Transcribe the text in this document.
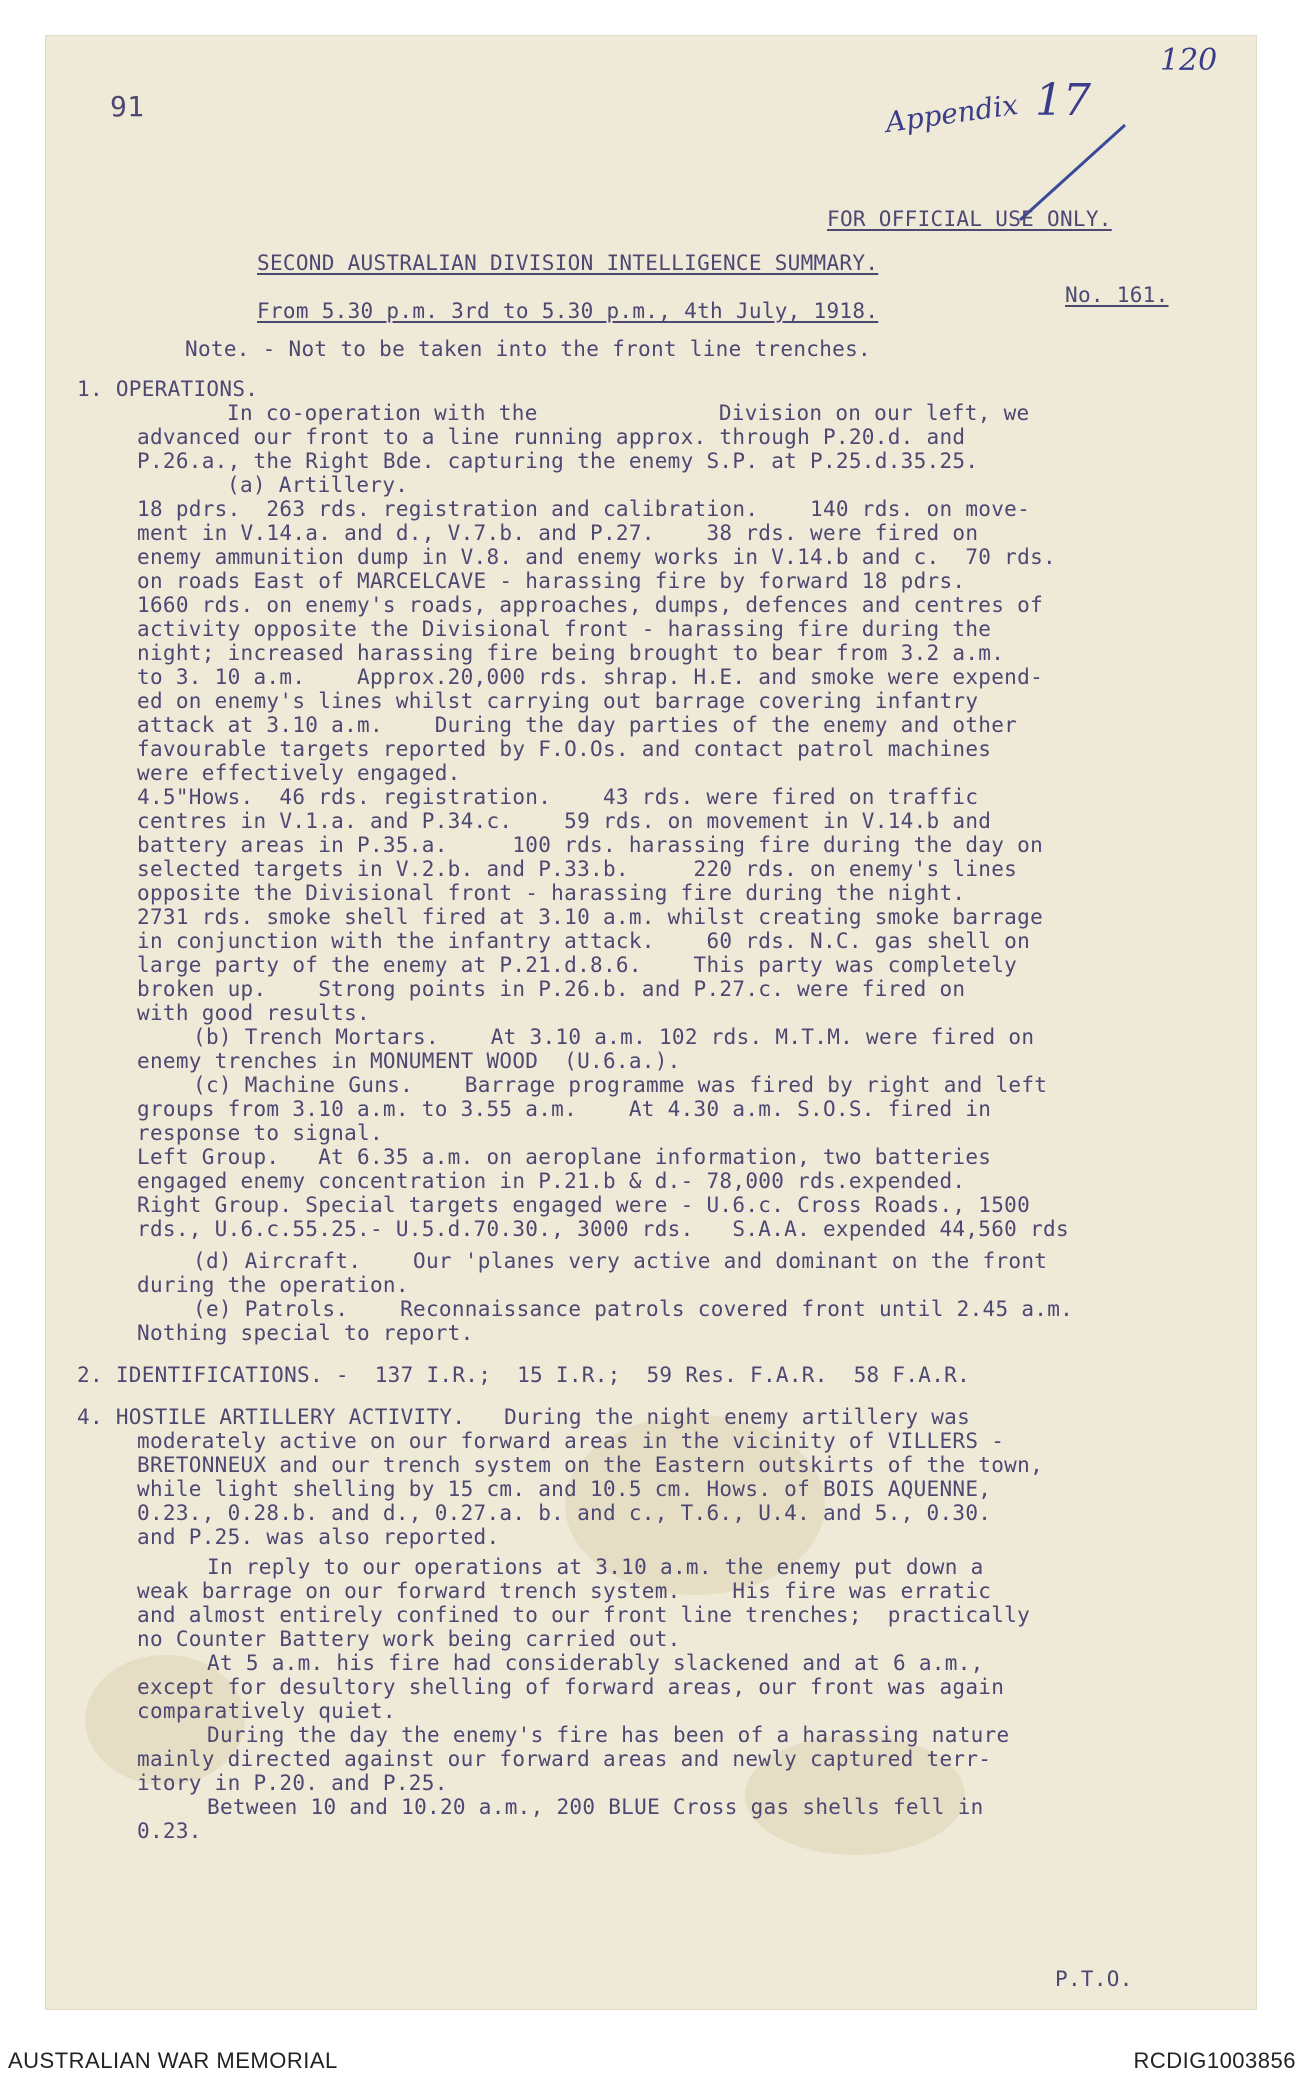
91	Appendix 17
120
FOR OFFICIAL USE ONLY.
SECOND AUSTRALIAN DIVISION INTELLIGENCE SUMMARY.
No. 161.
From 5.30 p.m. 3rd to 5.30 p.m., 4th July, 1918.
Note. - Not to be taken into the front line trenches.
1. OPERATIONS.
In co-operation with the              Division on our left, we
advanced our front to a line running approx. through P.20.d. and
P.26.a., the Right Bde. capturing the enemy S.P. at P.25.d.35.25.
(a) Artillery.
18 pdrs.  263 rds. registration and calibration.    140 rds. on move-
ment in V.14.a. and d., V.7.b. and P.27.    38 rds. were fired on
enemy ammunition dump in V.8. and enemy works in V.14.b and c.  70 rds.
on roads East of MARCELCAVE - harassing fire by forward 18 pdrs.
1660 rds. on enemy's roads, approaches, dumps, defences and centres of
activity opposite the Divisional front - harassing fire during the
night; increased harassing fire being brought to bear from 3.2 a.m.
to 3. 10 a.m.    Approx.20,000 rds. shrap. H.E. and smoke were expend-
ed on enemy's lines whilst carrying out barrage covering infantry
attack at 3.10 a.m.    During the day parties of the enemy and other
favourable targets reported by F.O.Os. and contact patrol machines
were effectively engaged.
4.5"Hows.  46 rds. registration.    43 rds. were fired on traffic
centres in V.1.a. and P.34.c.    59 rds. on movement in V.14.b and
battery areas in P.35.a.     100 rds. harassing fire during the day on
selected targets in V.2.b. and P.33.b.     220 rds. on enemy's lines
opposite the Divisional front - harassing fire during the night.
2731 rds. smoke shell fired at 3.10 a.m. whilst creating smoke barrage
in conjunction with the infantry attack.    60 rds. N.C. gas shell on
large party of the enemy at P.21.d.8.6.    This party was completely
broken up.    Strong points in P.26.b. and P.27.c. were fired on
with good results.
(b) Trench Mortars.    At 3.10 a.m. 102 rds. M.T.M. were fired on
enemy trenches in MONUMENT WOOD  (U.6.a.).
(c) Machine Guns.    Barrage programme was fired by right and left
groups from 3.10 a.m. to 3.55 a.m.    At 4.30 a.m. S.O.S. fired in
response to signal.
Left Group.   At 6.35 a.m. on aeroplane information, two batteries
engaged enemy concentration in P.21.b & d.- 78,000 rds.expended.
Right Group. Special targets engaged were - U.6.c. Cross Roads., 1500
rds., U.6.c.55.25.- U.5.d.70.30., 3000 rds.   S.A.A. expended 44,560 rds
(d) Aircraft.    Our 'planes very active and dominant on the front
during the operation.
(e) Patrols.    Reconnaissance patrols covered front until 2.45 a.m.
Nothing special to report.
2. IDENTIFICATIONS. -  137 I.R.;  15 I.R.;  59 Res. F.A.R.  58 F.A.R.
4. HOSTILE ARTILLERY ACTIVITY.   During the night enemy artillery was
moderately active on our forward areas in the vicinity of VILLERS -
BRETONNEUX and our trench system on the Eastern outskirts of the town,
while light shelling by 15 cm. and 10.5 cm. Hows. of BOIS AQUENNE,
0.23., 0.28.b. and d., 0.27.a. b. and c., T.6., U.4. and 5., 0.30.
and P.25. was also reported.
In reply to our operations at 3.10 a.m. the enemy put down a
weak barrage on our forward trench system.    His fire was erratic
and almost entirely confined to our front line trenches;  practically
no Counter Battery work being carried out.
At 5 a.m. his fire had considerably slackened and at 6 a.m.,
except for desultory shelling of forward areas, our front was again
comparatively quiet.
During the day the enemy's fire has been of a harassing nature
mainly directed against our forward areas and newly captured terr-
itory in P.20. and P.25.
Between 10 and 10.20 a.m., 200 BLUE Cross gas shells fell in
0.23.
P.T.O.
AUSTRALIAN WAR MEMORIAL	RCDIG1003856
